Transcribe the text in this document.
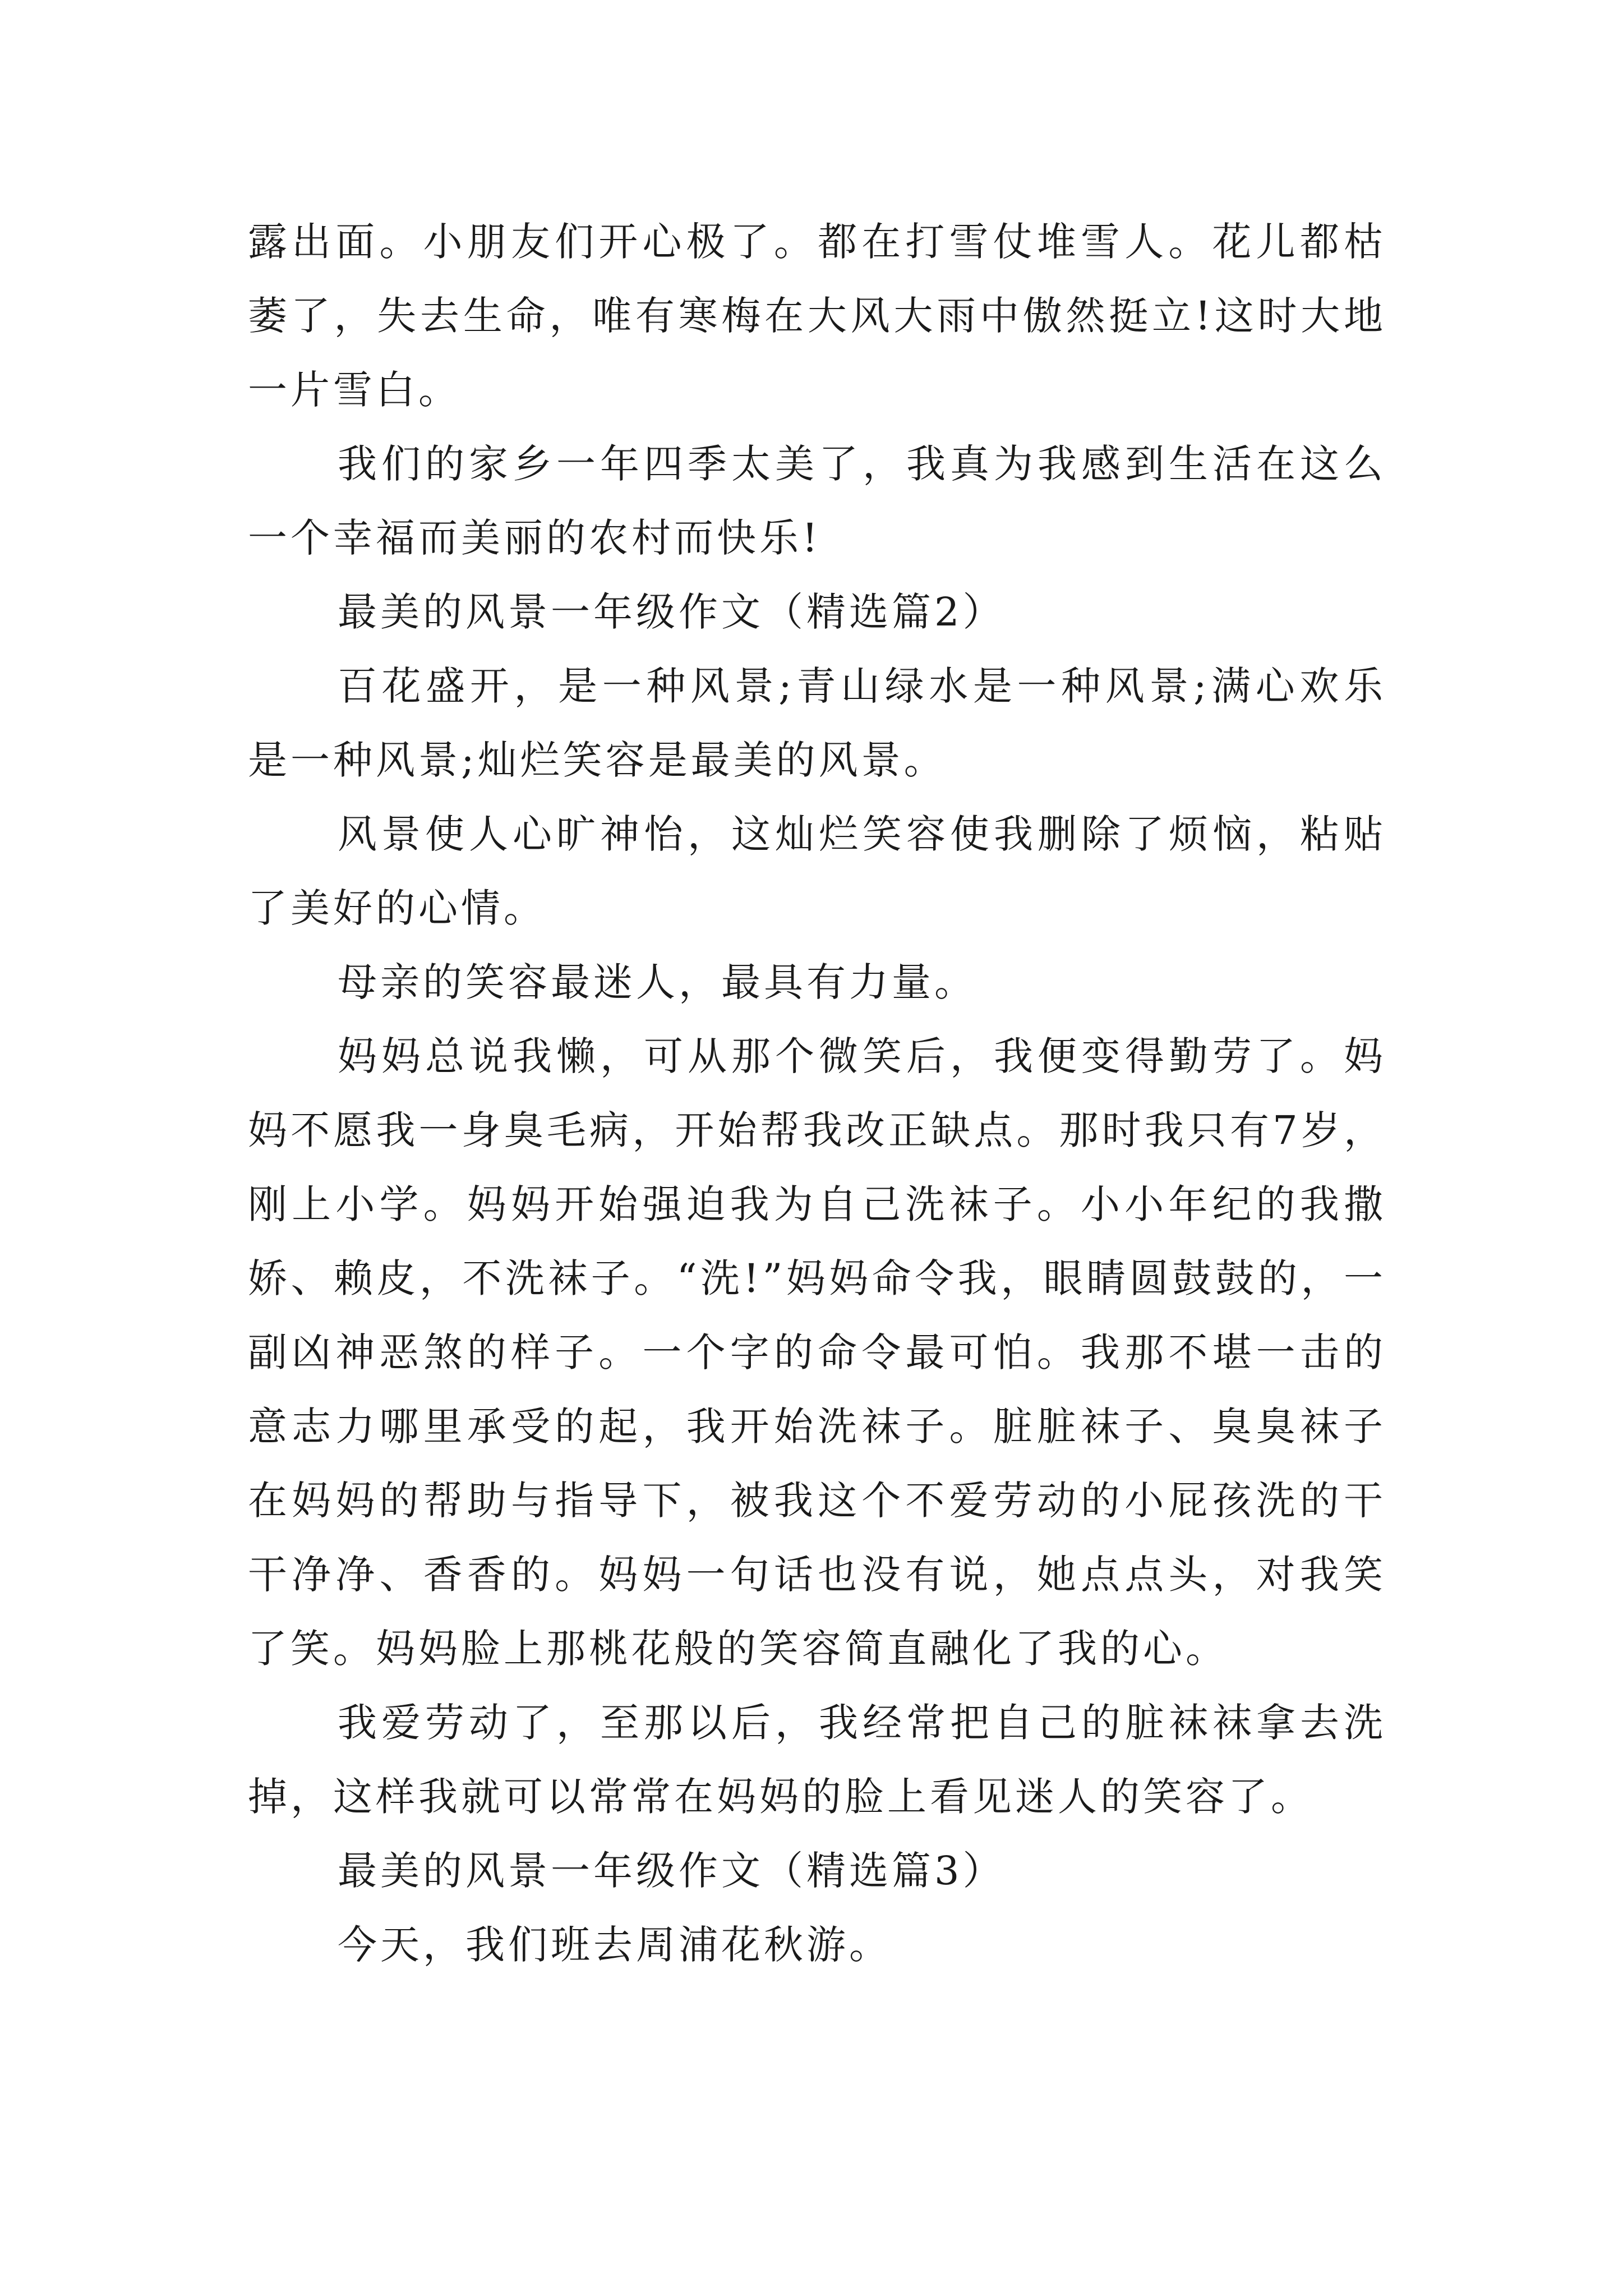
露出面。小朋友们开心极了。都在打雪仗堆雪人。花儿都枯萎了，失去生命，唯有寒梅在大风大雨中傲然挺立!这时大地一片雪白。

我们的家乡一年四季太美了，我真为我感到生活在这么一个幸福而美丽的农村而快乐!

最美的风景一年级作文（精选篇2）

百花盛开，是一种风景;青山绿水是一种风景;满心欢乐是一种风景;灿烂笑容是最美的风景。

风景使人心旷神怡，这灿烂笑容使我删除了烦恼，粘贴了美好的心情。

母亲的笑容最迷人，最具有力量。

妈妈总说我懒，可从那个微笑后，我便变得勤劳了。妈妈不愿我一身臭毛病，开始帮我改正缺点。那时我只有7岁，刚上小学。妈妈开始强迫我为自己洗袜子。小小年纪的我撒娇、赖皮，不洗袜子。“洗!”妈妈命令我，眼睛圆鼓鼓的，一副凶神恶煞的样子。一个字的命令最可怕。我那不堪一击的意志力哪里承受的起，我开始洗袜子。脏脏袜子、臭臭袜子在妈妈的帮助与指导下，被我这个不爱劳动的小屁孩洗的干干净净、香香的。妈妈一句话也没有说，她点点头，对我笑了笑。妈妈脸上那桃花般的笑容简直融化了我的心。

我爱劳动了，至那以后，我经常把自己的脏袜袜拿去洗掉，这样我就可以常常在妈妈的脸上看见迷人的笑容了。

最美的风景一年级作文（精选篇3）

今天，我们班去周浦花秋游。
